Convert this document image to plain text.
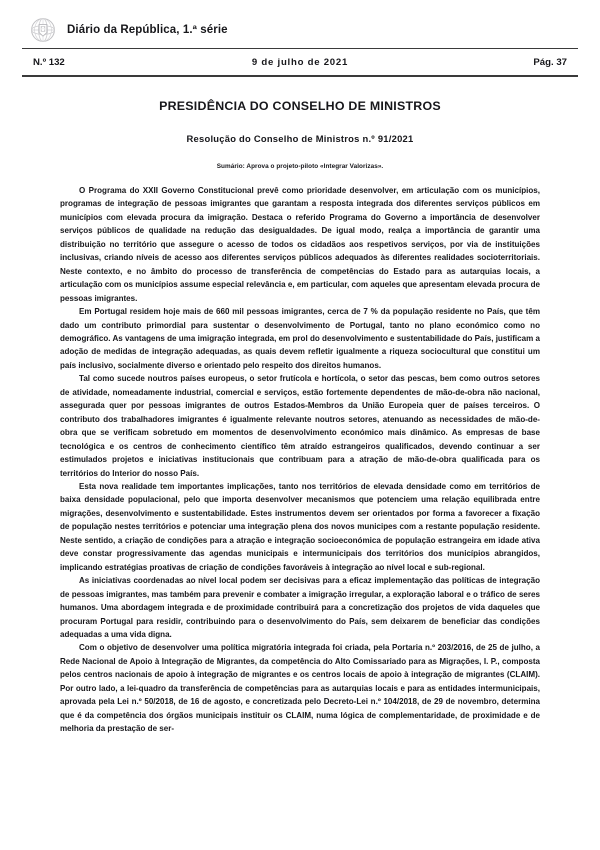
Diário da República, 1.ª série
N.º 132	9 de julho de 2021	Pág. 37
PRESIDÊNCIA DO CONSELHO DE MINISTROS
Resolução do Conselho de Ministros n.º 91/2021
Sumário: Aprova o projeto-piloto «Integrar Valorizas».

O Programa do XXII Governo Constitucional prevê como prioridade desenvolver, em articulação com os municípios, programas de integração de pessoas imigrantes que garantam a resposta integrada dos diferentes serviços públicos em municípios com elevada procura da imigração. Destaca o referido Programa do Governo a importância de desenvolver serviços públicos de qualidade na redução das desigualdades. De igual modo, realça a importância de garantir uma distribuição no território que assegure o acesso de todos os cidadãos aos respetivos serviços, por via de instituições inclusivas, criando níveis de acesso aos diferentes serviços públicos adequados às diferentes realidades socioterritoriais. Neste contexto, e no âmbito do processo de transferência de competências do Estado para as autarquias locais, a articulação com os municípios assume especial relevância e, em particular, com aqueles que apresentam elevada procura de pessoas imigrantes.

Em Portugal residem hoje mais de 660 mil pessoas imigrantes, cerca de 7 % da população residente no País, que têm dado um contributo primordial para sustentar o desenvolvimento de Portugal, tanto no plano económico como no demográfico. As vantagens de uma imigração integrada, em prol do desenvolvimento e sustentabilidade do País, justificam a adoção de medidas de integração adequadas, as quais devem refletir igualmente a riqueza sociocultural que constitui um país inclusivo, socialmente diverso e orientado pelo respeito dos direitos humanos.

Tal como sucede noutros países europeus, o setor frutícola e hortícola, o setor das pescas, bem como outros setores de atividade, nomeadamente industrial, comercial e serviços, estão fortemente dependentes de mão-de-obra não nacional, assegurada quer por pessoas imigrantes de outros Estados-Membros da União Europeia quer de países terceiros. O contributo dos trabalhadores imigrantes é igualmente relevante noutros setores, atenuando as necessidades de mão-de-obra que se verificam sobretudo em momentos de desenvolvimento económico mais dinâmico. As empresas de base tecnológica e os centros de conhecimento científico têm atraído estrangeiros qualificados, devendo continuar a ser estimulados projetos e iniciativas institucionais que contribuam para a atração de mão-de-obra qualificada para os territórios do Interior do nosso País.

Esta nova realidade tem importantes implicações, tanto nos territórios de elevada densidade como em territórios de baixa densidade populacional, pelo que importa desenvolver mecanismos que potenciem uma relação equilibrada entre migrações, desenvolvimento e sustentabilidade. Estes instrumentos devem ser orientados por forma a favorecer a fixação de população nestes territórios e potenciar uma integração plena dos novos municipes com a restante população residente. Neste sentido, a criação de condições para a atração e integração socioeconómica de população estrangeira em idade ativa deve constar progressivamente das agendas municipais e intermunicipais dos territórios dos municípios abrangidos, implicando estratégias proativas de criação de condições favoráveis à integração ao nível local e sub-regional.

As iniciativas coordenadas ao nível local podem ser decisivas para a eficaz implementação das políticas de integração de pessoas imigrantes, mas também para prevenir e combater a imigração irregular, a exploração laboral e o tráfico de seres humanos. Uma abordagem integrada e de proximidade contribuirá para a concretização dos projetos de vida daqueles que procuram Portugal para residir, contribuindo para o desenvolvimento do País, sem deixarem de beneficiar das condições adequadas a uma vida digna.

Com o objetivo de desenvolver uma política migratória integrada foi criada, pela Portaria n.º 203/2016, de 25 de julho, a Rede Nacional de Apoio à Integração de Migrantes, da competência do Alto Comissariado para as Migrações, I. P., composta pelos centros nacionais de apoio à integração de migrantes e os centros locais de apoio à integração de migrantes (CLAIM). Por outro lado, a lei-quadro da transferência de competências para as autarquias locais e para as entidades intermunicipais, aprovada pela Lei n.º 50/2018, de 16 de agosto, e concretizada pelo Decreto-Lei n.º 104/2018, de 29 de novembro, determina que é da competência dos órgãos municipais instituir os CLAIM, numa lógica de complementaridade, de proximidade e de melhoria da prestação de ser-
